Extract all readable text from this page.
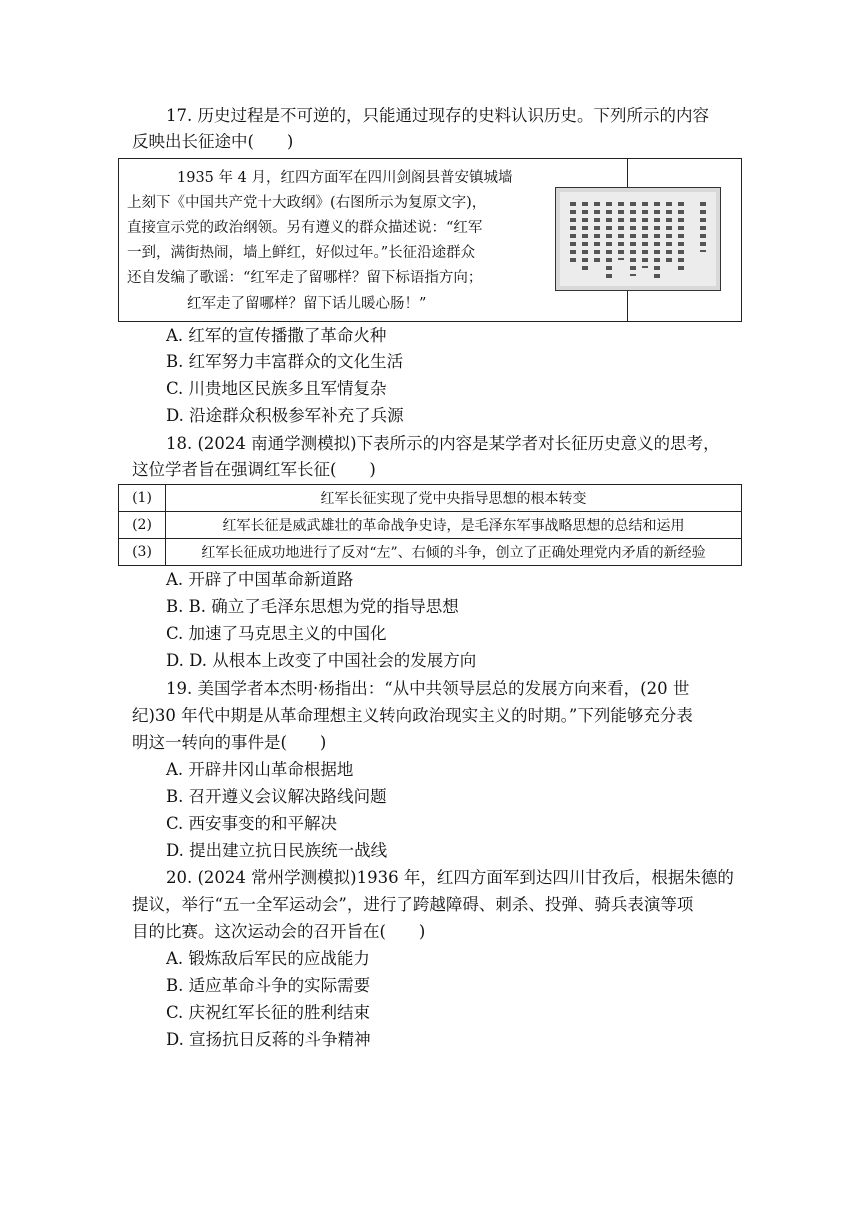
17. 历史过程是不可逆的，只能通过现存的史料认识历史。下列所示的内容
反映出长征途中(　　)
1935 年 4 月，红四方面军在四川剑阁县普安镇城墙
上刻下《中国共产党十大政纲》(右图所示为复原文字)，
直接宣示党的政治纲领。另有遵义的群众描述说：“红军
一到，满街热闹，墙上鲜红，好似过年。”长征沿途群众
还自发编了歌谣：“红军走了留哪样？留下标语指方向；
红军走了留哪样？留下话儿暖心肠！”
A. 红军的宣传播撒了革命火种
B. 红军努力丰富群众的文化生活
C. 川贵地区民族多且军情复杂
D. 沿途群众积极参军补充了兵源
18. (2024 南通学测模拟)下表所示的内容是某学者对长征历史意义的思考，
这位学者旨在强调红军长征(　　)
(1)	红军长征实现了党中央指导思想的根本转变
(2)	红军长征是威武雄壮的革命战争史诗，是毛泽东军事战略思想的总结和运用
(3)	红军长征成功地进行了反对“左”、右倾的斗争，创立了正确处理党内矛盾的新经验
A. 开辟了中国革命新道路
B. B. 确立了毛泽东思想为党的指导思想
C. 加速了马克思主义的中国化
D. D. 从根本上改变了中国社会的发展方向
19. 美国学者本杰明·杨指出：“从中共领导层总的发展方向来看，(20 世
纪)30 年代中期是从革命理想主义转向政治现实主义的时期。”下列能够充分表
明这一转向的事件是(　　)
A. 开辟井冈山革命根据地
B. 召开遵义会议解决路线问题
C. 西安事变的和平解决
D. 提出建立抗日民族统一战线
20. (2024 常州学测模拟)1936 年，红四方面军到达四川甘孜后，根据朱德的
提议，举行“五一全军运动会”，进行了跨越障碍、刺杀、投弹、骑兵表演等项
目的比赛。这次运动会的召开旨在(　　)
A. 锻炼敌后军民的应战能力
B. 适应革命斗争的实际需要
C. 庆祝红军长征的胜利结束
D. 宣扬抗日反蒋的斗争精神
